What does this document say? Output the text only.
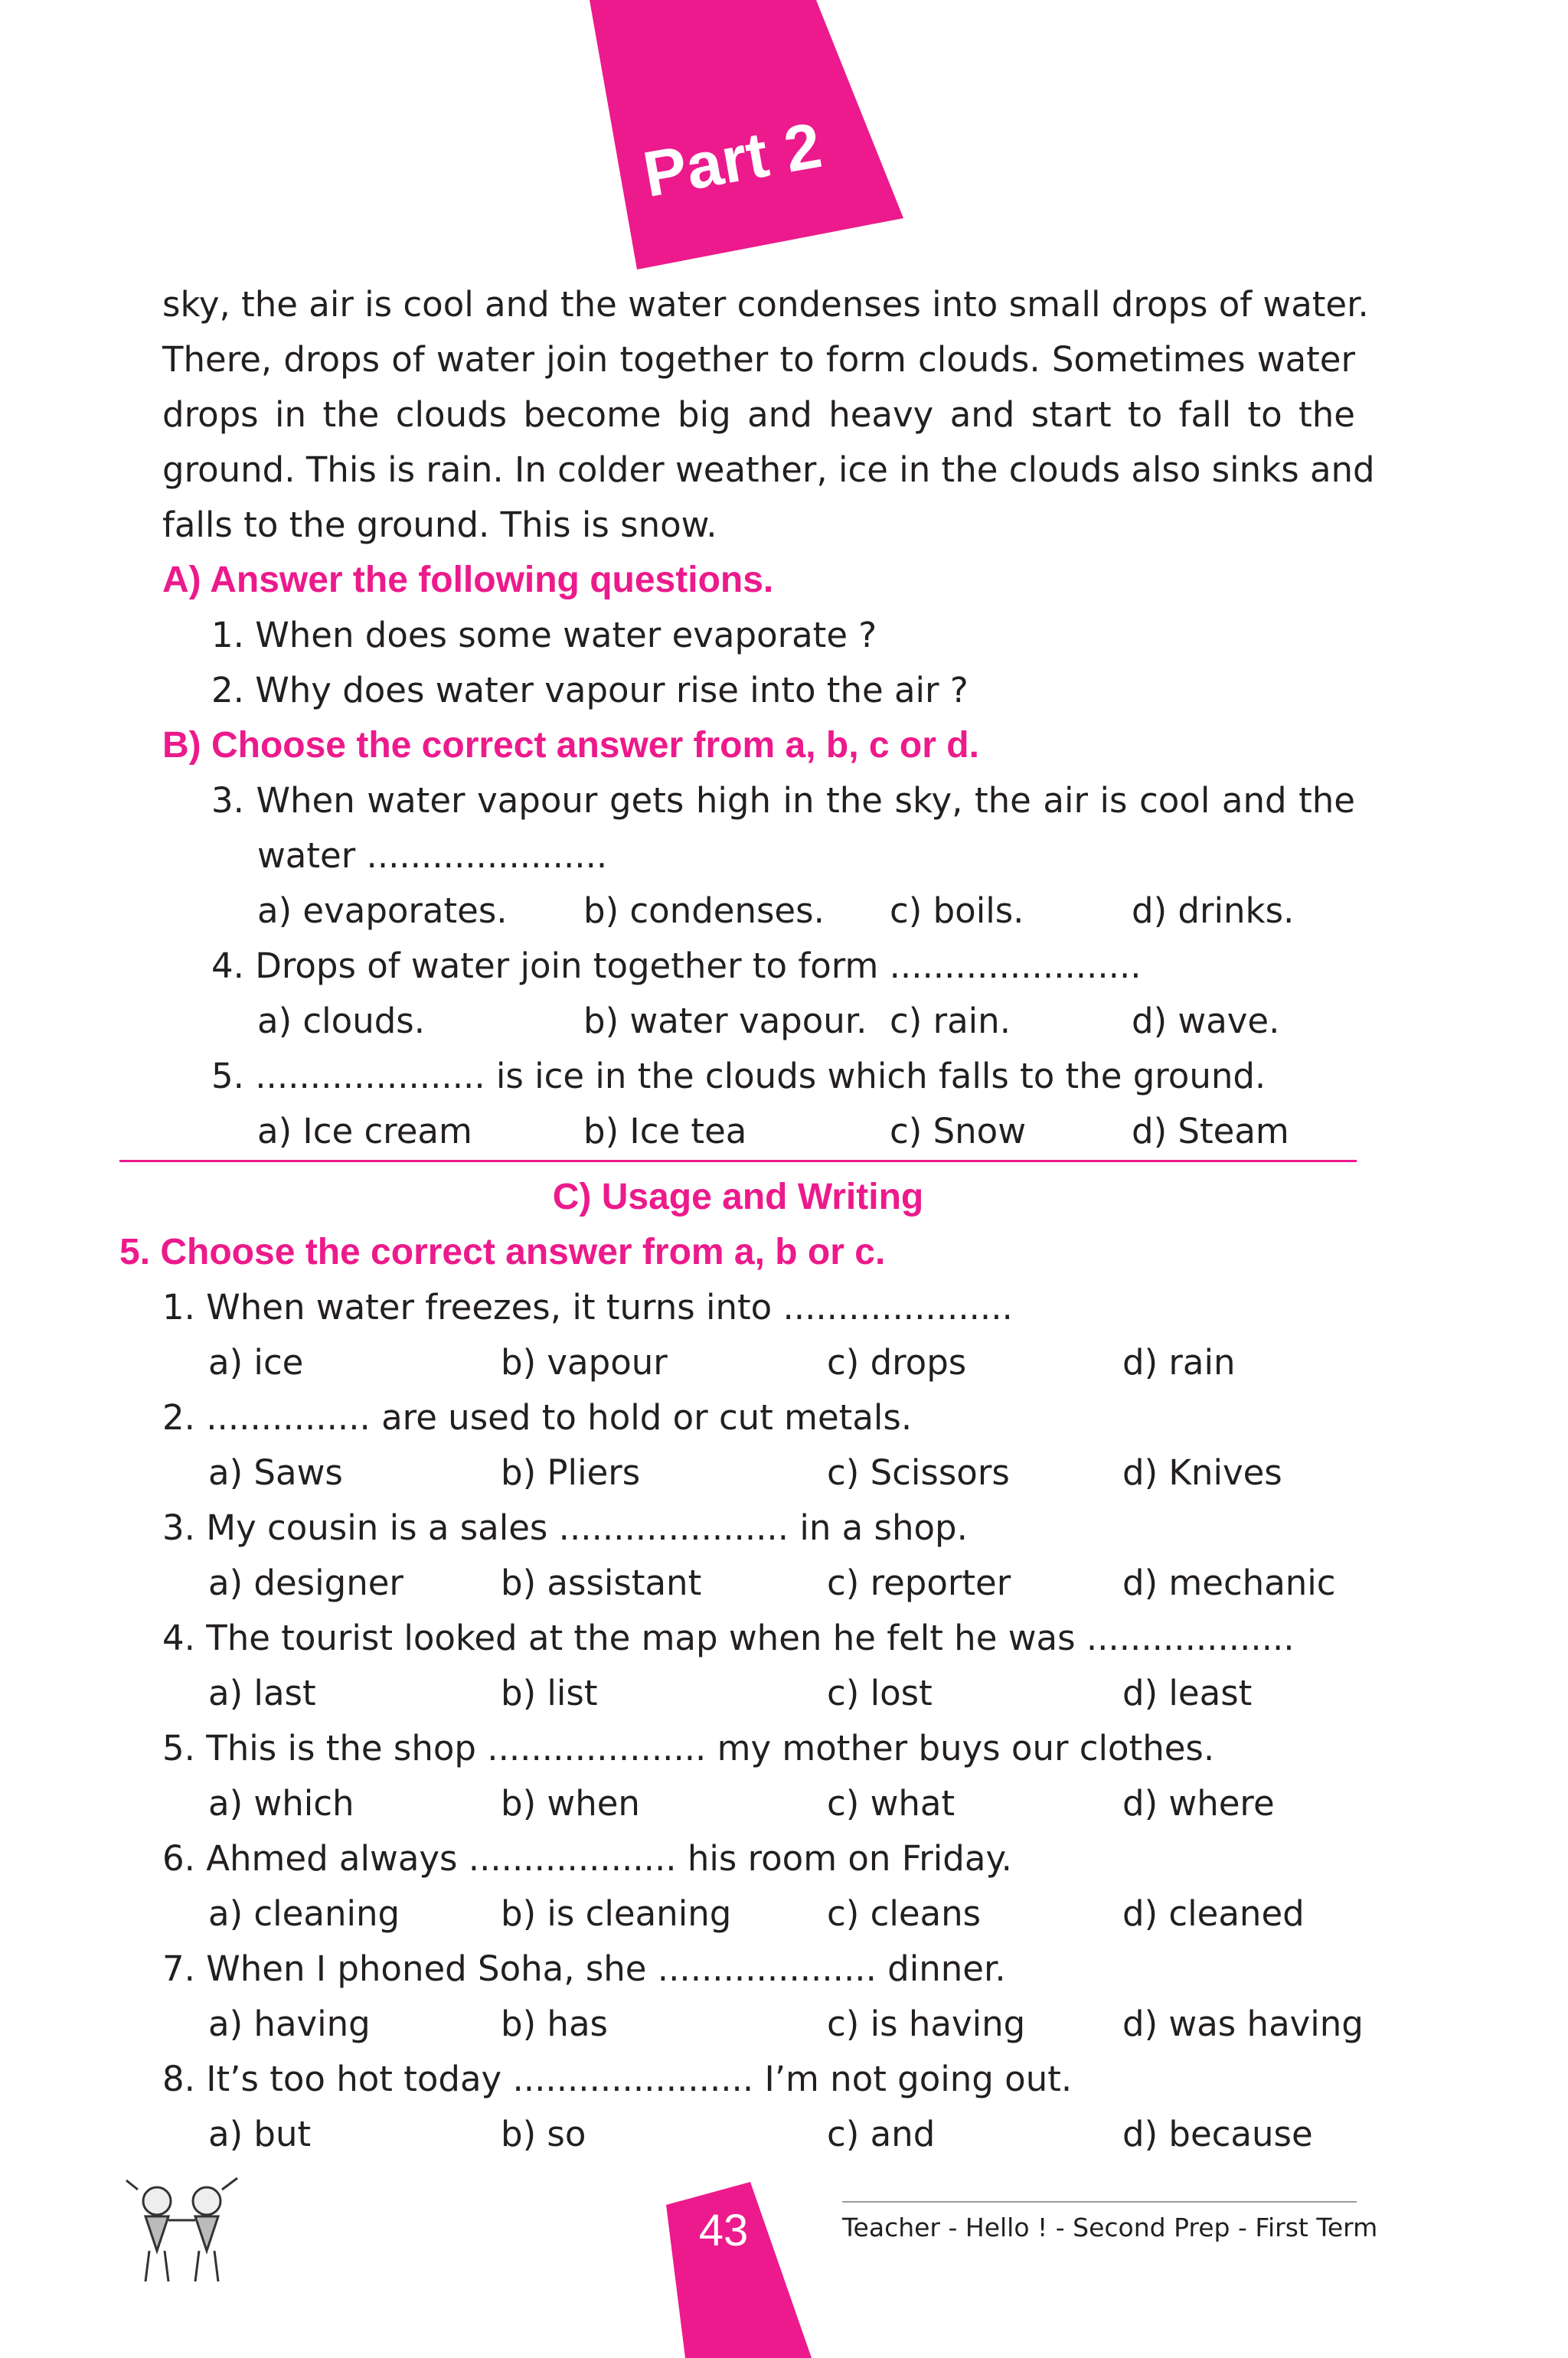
Part 2
sky, the air is cool and the water condenses into small drops of water.
There, drops of water join together to form clouds. Sometimes water
drops in the clouds become big and heavy and start to fall to the
ground. This is rain. In colder weather, ice in the clouds also sinks and
falls to the ground. This is snow.
A) Answer the following questions.
1. When does some water evaporate ?
2. Why does water vapour rise into the air ?
B) Choose the correct answer from a, b, c or d.
3. When water vapour gets high in the sky, the air is cool and the
water ......................
a) evaporates. b) condenses. c) boils.	d) drinks.
4. Drops of water join together to form .......................
a) clouds.	b) water vapour. c) rain.	d) wave.
5. ..................... is ice in the clouds which falls to the ground.
a) Ice cream	b) Ice tea	c) Snow	d) Steam
C) Usage and Writing
5. Choose the correct answer from a, b or c.
1. When water freezes, it turns into .....................
a) ice	b) vapour	c) drops	d) rain
2. ............... are used to hold or cut metals.
a) Saws	b) Pliers	c) Scissors	d) Knives
3. My cousin is a sales ..................... in a shop.
a) designer	b) assistant	c) reporter	d) mechanic
4. The tourist looked at the map when he felt he was ...................
a) last	b) list	c) lost	d) least
5. This is the shop .................... my mother buys our clothes.
a) which	b) when	c) what	d) where
6. Ahmed always ................... his room on Friday.
a) cleaning	b) is cleaning	c) cleans	d) cleaned
7. When I phoned Soha, she .................... dinner.
a) having	b) has	c) is having	d) was having
8. It’s too hot today ...................... I’m not going out.
a) but	b) so	c) and	d) because
43	Teacher - Hello ! - Second Prep - First Term
